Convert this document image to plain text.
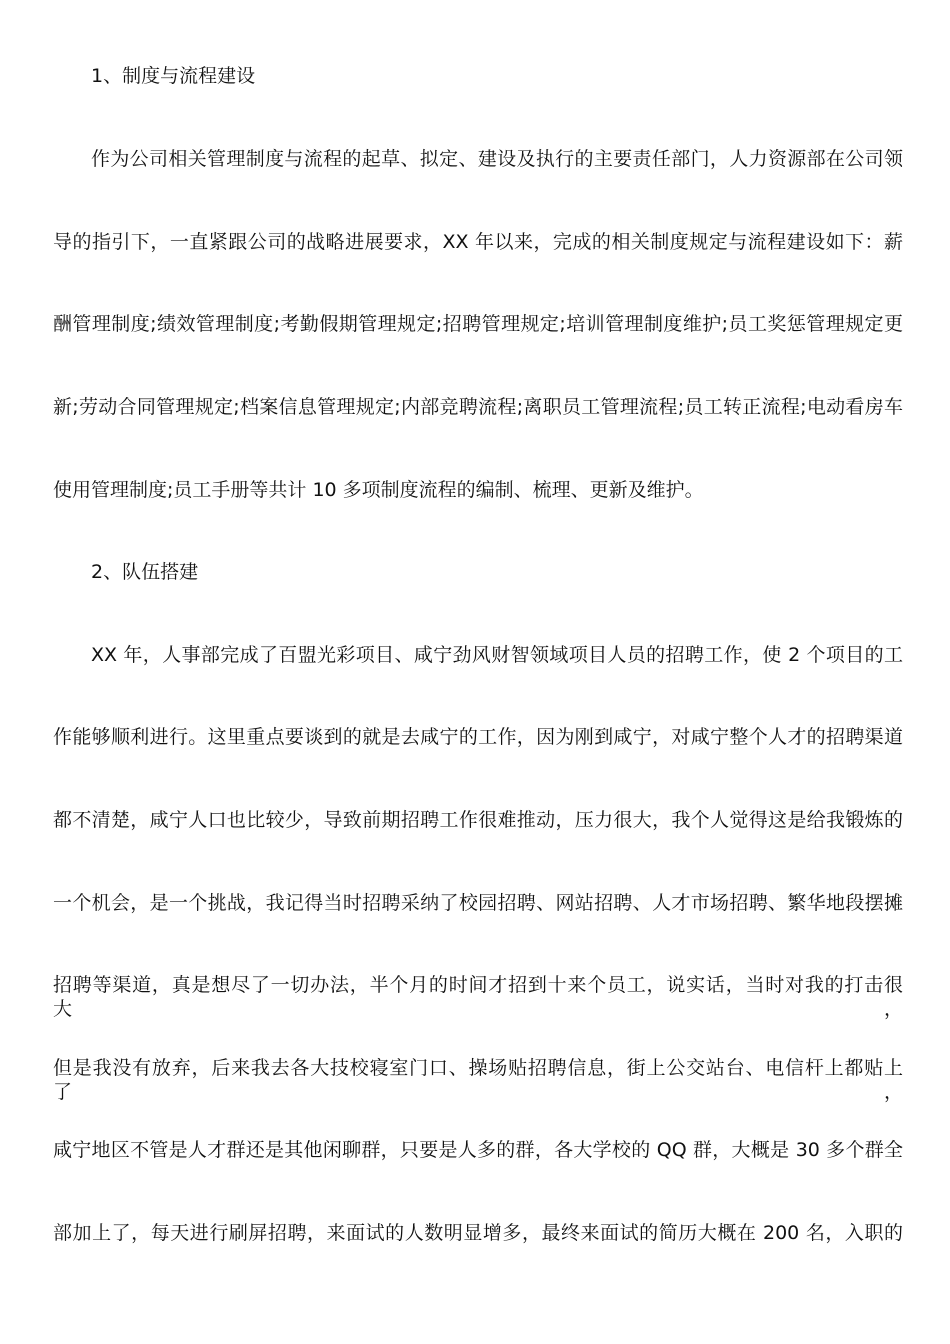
1、制度与流程建设
作为公司相关管理制度与流程的起草、拟定、建设及执行的主要责任部门，人力资源部在公司领
导的指引下，一直紧跟公司的战略进展要求，XX 年以来，完成的相关制度规定与流程建设如下：薪
酬管理制度;绩效管理制度;考勤假期管理规定;招聘管理规定;培训管理制度维护;员工奖惩管理规定更
新;劳动合同管理规定;档案信息管理规定;内部竞聘流程;离职员工管理流程;员工转正流程;电动看房车
使用管理制度;员工手册等共计 10 多项制度流程的编制、梳理、更新及维护。
2、队伍搭建
XX 年，人事部完成了百盟光彩项目、咸宁劲风财智领域项目人员的招聘工作，使 2 个项目的工
作能够顺利进行。这里重点要谈到的就是去咸宁的工作，因为刚到咸宁，对咸宁整个人才的招聘渠道
都不清楚，咸宁人口也比较少，导致前期招聘工作很难推动，压力很大，我个人觉得这是给我锻炼的
一个机会，是一个挑战，我记得当时招聘采纳了校园招聘、网站招聘、人才市场招聘、繁华地段摆摊
招聘等渠道，真是想尽了一切办法，半个月的时间才招到十来个员工，说实话，当时对我的打击很大，
但是我没有放弃，后来我去各大技校寝室门口、操场贴招聘信息，街上公交站台、电信杆上都贴上了，
咸宁地区不管是人才群还是其他闲聊群，只要是人多的群，各大学校的 QQ 群，大概是 30 多个群全
部加上了，每天进行刷屏招聘，来面试的人数明显增多，最终来面试的简历大概在 200 名，入职的
